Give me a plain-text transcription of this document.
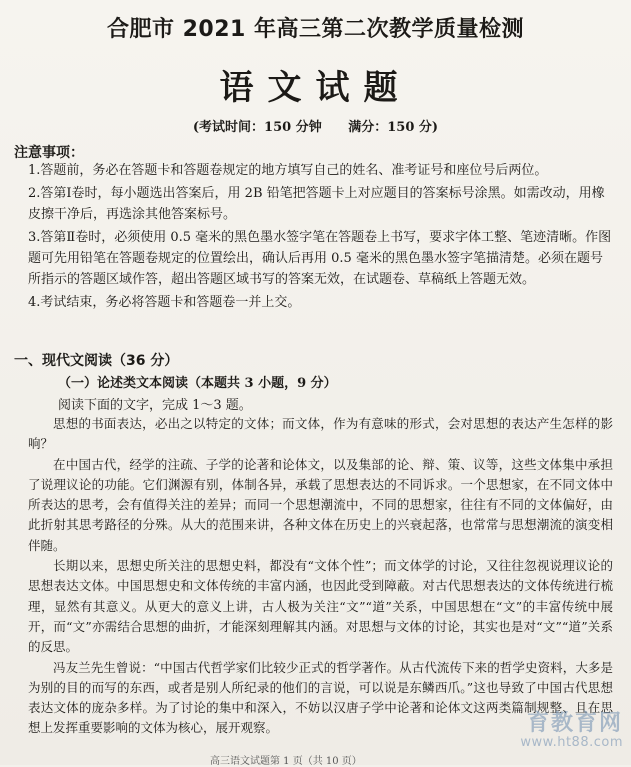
合肥市 2021 年高三第二次教学质量检测
语文试题
(考试时间：150 分钟 满分：150 分)
注意事项：
1.答题前，务必在答题卡和答题卷规定的地方填写自己的姓名、准考证号和座位号后两位。
2.答第Ⅰ卷时，每小题选出答案后，用 2B 铅笔把答题卡上对应题目的答案标号涂黑。如需改动，用橡皮擦干净后，再选涂其他答案标号。
3.答第Ⅱ卷时，必须使用 0.5 毫米的黑色墨水签字笔在答题卷上书写，要求字体工整、笔迹清晰。作图题可先用铅笔在答题卷规定的位置绘出，确认后再用 0.5 毫米的黑色墨水签字笔描清楚。必须在题号所指示的答题区域作答，超出答题区域书写的答案无效，在试题卷、草稿纸上答题无效。
4.考试结束，务必将答题卡和答题卷一并上交。
一、现代文阅读（36 分）
（一）论述类文本阅读（本题共 3 小题，9 分）
阅读下面的文字，完成 1～3 题。

思想的书面表达，必出之以特定的文体；而文体，作为有意味的形式，会对思想的表达产生怎样的影响？

在中国古代，经学的注疏、子学的论著和论体文，以及集部的论、辩、策、议等，这些文体集中承担了说理议论的功能。它们渊源有别，体制各异，承载了思想表达的不同诉求。一个思想家，在不同文体中所表达的思考，会有值得关注的差异；而同一个思想潮流中，不同的思想家，往往有不同的文体偏好，由此折射其思考路径的分殊。从大的范围来讲，各种文体在历史上的兴衰起落，也常常与思想潮流的演变相伴随。

长期以来，思想史所关注的思想史料，都没有“文体个性”；而文体学的讨论，又往往忽视说理议论的思想表达文体。中国思想史和文体传统的丰富内涵，也因此受到障蔽。对古代思想表达的文体传统进行梳理，显然有其意义。从更大的意义上讲，古人极为关注“文”“道”关系，中国思想在“文”的丰富传统中展开，而“文”亦需结合思想的曲折，才能深刻理解其内涵。对思想与文体的讨论，其实也是对“文”“道”关系的反思。

冯友兰先生曾说：“中国古代哲学家们比较少正式的哲学著作。从古代流传下来的哲学史资料，大多是为别的目的而写的东西，或者是别人所纪录的他们的言说，可以说是东鳞西爪。”这也导致了中国古代思想表达文体的庞杂多样。为了讨论的集中和深入，不妨以汉唐子学中论著和论体文这两类篇制规整、且在思想上发挥重要影响的文体为核心，展开观察。

高三语文试题第 1 页（共 10 页）
育教育网
www.ht88.com
